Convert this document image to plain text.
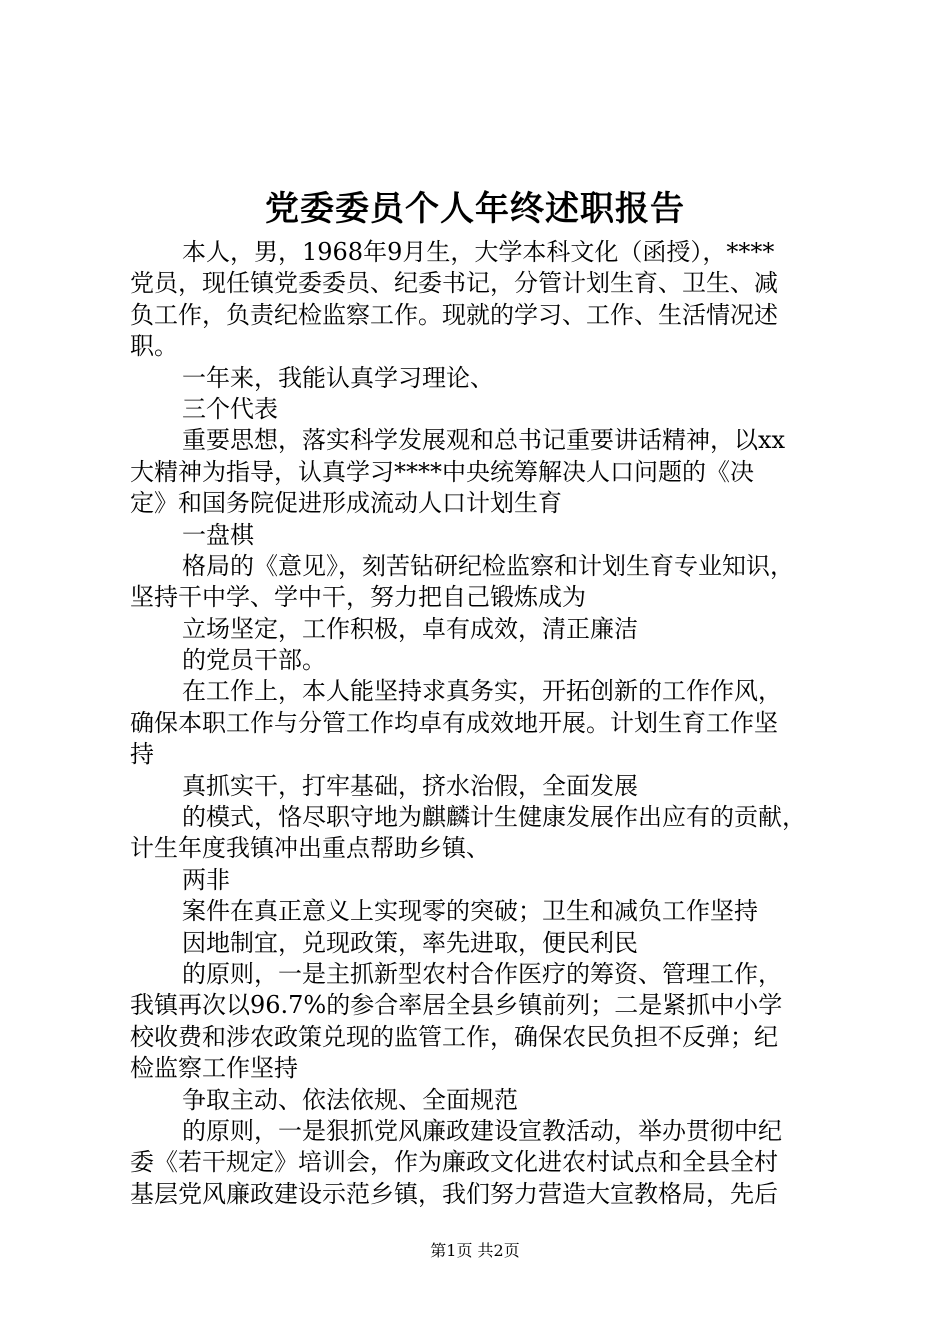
党委委员个人年终述职报告
本人，男，1968年9月生，大学本科文化（函授），****
党员，现任镇党委委员、纪委书记，分管计划生育、卫生、减
负工作，负责纪检监察工作。现就的学习、工作、生活情况述
职。
一年来，我能认真学习理论、
三个代表
重要思想，落实科学发展观和总书记重要讲话精神，以xx
大精神为指导，认真学习****中央统筹解决人口问题的《决
定》和国务院促进形成流动人口计划生育
一盘棋
格局的《意见》，刻苦钻研纪检监察和计划生育专业知识，
坚持干中学、学中干，努力把自己锻炼成为
立场坚定，工作积极，卓有成效，清正廉洁
的党员干部。
在工作上，本人能坚持求真务实，开拓创新的工作作风，
确保本职工作与分管工作均卓有成效地开展。计划生育工作坚
持
真抓实干，打牢基础，挤水治假，全面发展
的模式，恪尽职守地为麒麟计生健康发展作出应有的贡献，
计生年度我镇冲出重点帮助乡镇、
两非
案件在真正意义上实现零的突破；卫生和减负工作坚持
因地制宜，兑现政策，率先进取，便民利民
的原则，一是主抓新型农村合作医疗的筹资、管理工作，
我镇再次以96.7%的参合率居全县乡镇前列；二是紧抓中小学
校收费和涉农政策兑现的监管工作，确保农民负担不反弹；纪
检监察工作坚持
争取主动、依法依规、全面规范
的原则，一是狠抓党风廉政建设宣教活动，举办贯彻中纪
委《若干规定》培训会，作为廉政文化进农村试点和全县全村
基层党风廉政建设示范乡镇，我们努力营造大宣教格局，先后
第1页 共2页
